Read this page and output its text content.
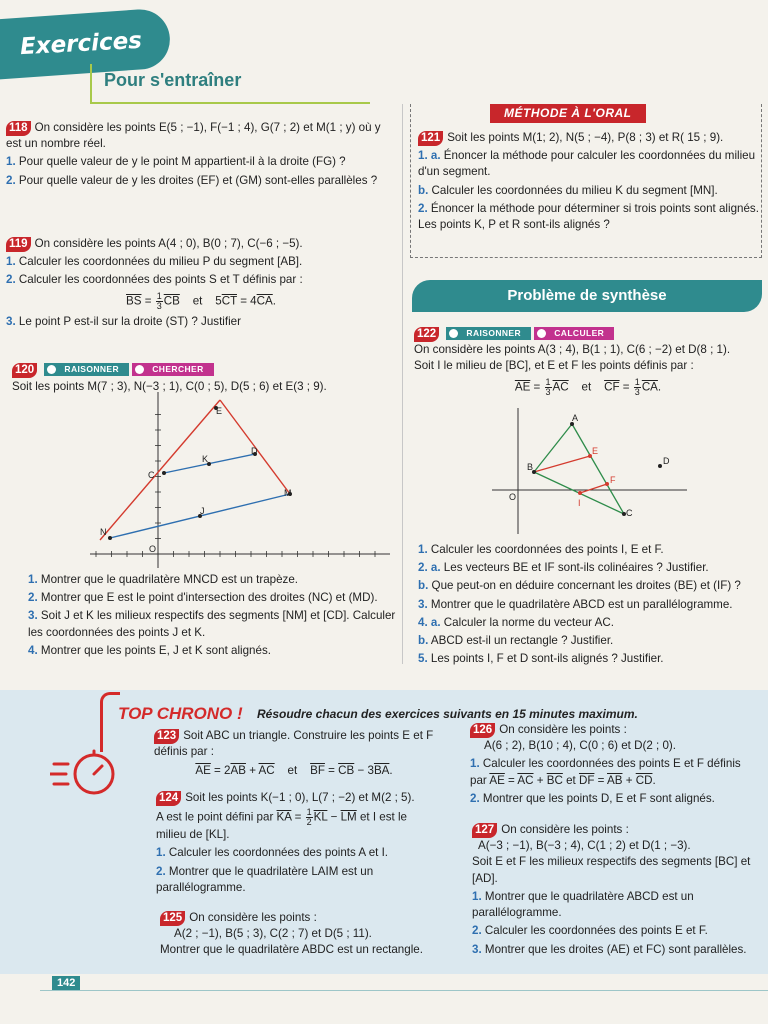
Exercices
Pour s'entraîner
118 On considère les points E(5 ; −1), F(−1 ; 4), G(7 ; 2) et M(1 ; y) où y est un nombre réel.
1. Pour quelle valeur de y le point M appartient-il à la droite (FG) ?
2. Pour quelle valeur de y les droites (EF) et (GM) sont-elles parallèles ?
119 On considère les points A(4 ; 0), B(0 ; 7), C(−6 ; −5).
1. Calculer les coordonnées du milieu P du segment [AB].
2. Calculer les coordonnées des points S et T définis par :
$\overline{BS} = \frac{1}{3} \overline{CB}$    et    $5\overline{CT} = 4\overline{CA}$.
3. Le point P est-il sur la droite (ST) ? Justifier
120	RAISONNER	CHERCHER
Soit les points M(7 ; 3), N(−3 ; 1), C(0 ; 5), D(5 ; 6) et E(3 ; 9).
E
D
K
C
M
J
N
O
1. Montrer que le quadrilatère MNCD est un trapèze.
2. Montrer que E est le point d'intersection des droites (NC) et (MD).
3. Soit J et K les milieux respectifs des segments [NM] et [CD]. Calculer les coordonnées des points J et K.
4. Montrer que les points E, J et K sont alignés.
MÉTHODE À L'ORAL
121 Soit les points M(1; 2), N(5 ; −4), P(8 ; 3) et R( 15 ; 9).
1. a. Énoncer la méthode pour calculer les coordonnées du milieu d'un segment.
b. Calculer les coordonnées du milieu K du segment [MN].
2. Énoncer la méthode pour déterminer si trois points sont alignés. Les points K, P et R sont-ils alignés ?
Problème de synthèse
122	RAISONNER	CALCULER
On considère les points A(3 ; 4), B(1 ; 1), C(6 ; −2) et D(8 ; 1).
Soit I le milieu de [BC], et E et F les points définis par :
$\overline{AE} = \frac{1}{3} \overline{AC}$    et    $\overline{CF} = \frac{1}{3} \overline{CA}$.
A
E
B
F
D
I
C
O
1. Calculer les coordonnées des points I, E et F.
2. a. Les vecteurs BE et IF sont-ils colinéaires ? Justifier.
b. Que peut-on en déduire concernant les droites (BE) et (IF) ?
3. Montrer que le quadrilatère ABCD est un parallélogramme.
4. a. Calculer la norme du vecteur AC.
b. ABCD est-il un rectangle ? Justifier.
5. Les points I, F et D sont-ils alignés ? Justifier.
TOP CHRONO ! Résoudre chacun des exercices suivants en 15 minutes maximum.
123 Soit ABC un triangle. Construire les points E et F définis par :
$\overline{AE} = 2\overline{AB} + \overline{AC}$    et    $\overline{BF} = \overline{CB} - 3\overline{BA}$.
124 Soit les points K(−1 ; 0), L(7 ; −2) et M(2 ; 5).
A est le point défini par $\overline{KA} = \frac{1}{2} \overline{KL} - \overline{LM}$ et I est le milieu de [KL].
1. Calculer les coordonnées des points A et I.
2. Montrer que le quadrilatère LAIM est un parallélogramme.
125 On considère les points :
A(2 ; −1), B(5 ; 3), C(2 ; 7) et D(5 ; 11).
Montrer que le quadrilatère ABDC est un rectangle.
126 On considère les points :
A(6 ; 2), B(10 ; 4), C(0 ; 6) et D(2 ; 0).
1. Calculer les coordonnées des points E et F définis par $\overline{AE} = \overline{AC} + \overline{BC}$ et $\overline{DF} = \overline{AB} + \overline{CD}$.
2. Montrer que les points D, E et F sont alignés.
127 On considère les points :
A(−3 ; −1), B(−3 ; 4), C(1 ; 2) et D(1 ; −3).
Soit E et F les milieux respectifs des segments [BC] et [AD].
1. Montrer que le quadrilatère ABCD est un parallélogramme.
2. Calculer les coordonnées des points E et F.
3. Montrer que les droites (AE) et FC) sont parallèles.
142
